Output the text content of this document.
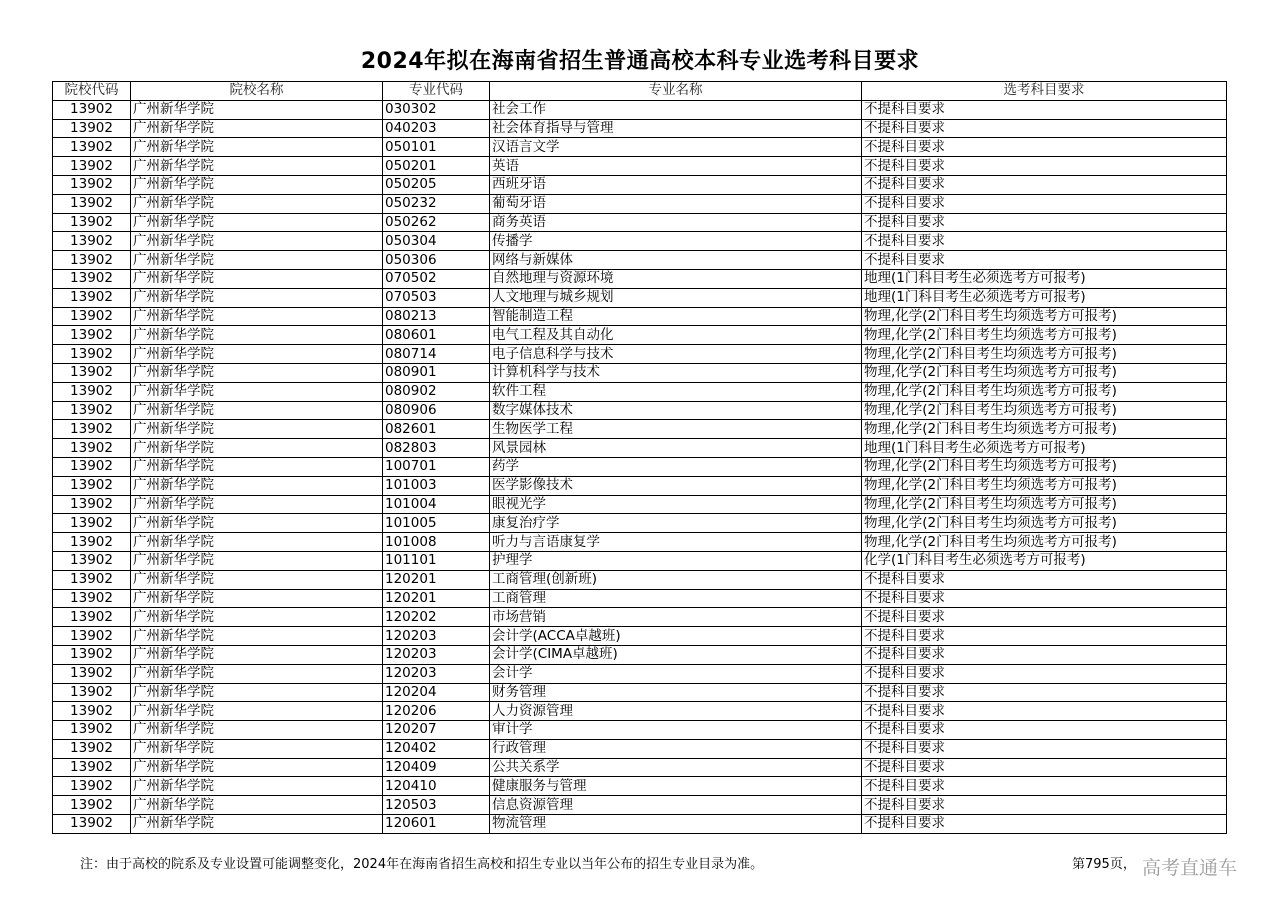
2024年拟在海南省招生普通高校本科专业选考科目要求
院校代码	院校名称	专业代码	专业名称	选考科目要求
13902	广州新华学院	030302	社会工作	不提科目要求
13902	广州新华学院	040203	社会体育指导与管理	不提科目要求
13902	广州新华学院	050101	汉语言文学	不提科目要求
13902	广州新华学院	050201	英语	不提科目要求
13902	广州新华学院	050205	西班牙语	不提科目要求
13902	广州新华学院	050232	葡萄牙语	不提科目要求
13902	广州新华学院	050262	商务英语	不提科目要求
13902	广州新华学院	050304	传播学	不提科目要求
13902	广州新华学院	050306	网络与新媒体	不提科目要求
13902	广州新华学院	070502	自然地理与资源环境	地理(1门科目考生必须选考方可报考)
13902	广州新华学院	070503	人文地理与城乡规划	地理(1门科目考生必须选考方可报考)
13902	广州新华学院	080213	智能制造工程	物理,化学(2门科目考生均须选考方可报考)
13902	广州新华学院	080601	电气工程及其自动化	物理,化学(2门科目考生均须选考方可报考)
13902	广州新华学院	080714	电子信息科学与技术	物理,化学(2门科目考生均须选考方可报考)
13902	广州新华学院	080901	计算机科学与技术	物理,化学(2门科目考生均须选考方可报考)
13902	广州新华学院	080902	软件工程	物理,化学(2门科目考生均须选考方可报考)
13902	广州新华学院	080906	数字媒体技术	物理,化学(2门科目考生均须选考方可报考)
13902	广州新华学院	082601	生物医学工程	物理,化学(2门科目考生均须选考方可报考)
13902	广州新华学院	082803	风景园林	地理(1门科目考生必须选考方可报考)
13902	广州新华学院	100701	药学	物理,化学(2门科目考生均须选考方可报考)
13902	广州新华学院	101003	医学影像技术	物理,化学(2门科目考生均须选考方可报考)
13902	广州新华学院	101004	眼视光学	物理,化学(2门科目考生均须选考方可报考)
13902	广州新华学院	101005	康复治疗学	物理,化学(2门科目考生均须选考方可报考)
13902	广州新华学院	101008	听力与言语康复学	物理,化学(2门科目考生均须选考方可报考)
13902	广州新华学院	101101	护理学	化学(1门科目考生必须选考方可报考)
13902	广州新华学院	120201	工商管理(创新班)	不提科目要求
13902	广州新华学院	120201	工商管理	不提科目要求
13902	广州新华学院	120202	市场营销	不提科目要求
13902	广州新华学院	120203	会计学(ACCA卓越班)	不提科目要求
13902	广州新华学院	120203	会计学(CIMA卓越班)	不提科目要求
13902	广州新华学院	120203	会计学	不提科目要求
13902	广州新华学院	120204	财务管理	不提科目要求
13902	广州新华学院	120206	人力资源管理	不提科目要求
13902	广州新华学院	120207	审计学	不提科目要求
13902	广州新华学院	120402	行政管理	不提科目要求
13902	广州新华学院	120409	公共关系学	不提科目要求
13902	广州新华学院	120410	健康服务与管理	不提科目要求
13902	广州新华学院	120503	信息资源管理	不提科目要求
13902	广州新华学院	120601	物流管理	不提科目要求
注：由于高校的院系及专业设置可能调整变化，2024年在海南省招生高校和招生专业以当年公布的招生专业目录为准。	第795页， 高考直通车
